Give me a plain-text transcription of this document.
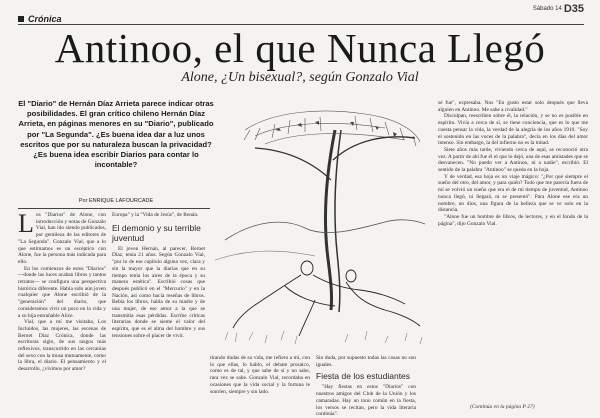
Sábado 14 D35
Crónica
Antinoo, el que Nunca Llegó
Alone, ¿Un bisexual?, según Gonzalo Vial
El "Diario" de Hernán Díaz Arrieta parece indicar otras posibilidades. El gran crítico chileno Hernán Díaz Arrieta, en páginas menores en su "Diario", publicado por "La Segunda". ¿Es buena idea dar a luz unos escritos que por su naturaleza buscan la privacidad? ¿Es buena idea escribir Diarios para contar lo incontable?
Por ENRIQUE LAFOURCADE
L os "Diarios" de Alone, con introducción y notas de Gonzalo Vial, han ido siendo publicados, por gentileza de las editores de "La Segunda". Gonzalo Vial, que a lo que estimamos es un escéptico con Alone, fue la persona más indicada para ello.

En los comienzos de estos "Diarios" —donde las luces acaban libros y tantos retratos— se configura una perspectiva histórica diferente. Había sido aún joven cualquier que Alone escribió de la "generación" del diario, que consideramos vivir un poco en la vida y a su hija entrañable Alice.

Vial, que a mí me visitaba, Los Incluidos, las mujeres, las escenas de Bernet Díaz Crónica, donde las escritoras siglo, de sus rasgos más reflexivos, transcurrido en las cercanías del sexo con la musa mutuamente, como la libra, el diario. El pensamiento y el desarrollo, ¿vivimos por amor?

Europa" y la "Vida de Jesús", de Renán.

El demonio y su terrible juventud

El joven Hernán, al parecer, Bernet Díaz, tenía 21 años. Según Gonzalo Vial, "por lo de ese capítulo alguna vez, clara y sin la mayor que la diarias que en su tiempo tenía los aires de la época y su manera estética". Escribió cosas que después publicó en el "Mercurio" y en la Nación, así como hacía reseñas de libros. Bebía los libros, habla de su madre y de una mujer, de ese amor a la que se transmitía esas pérdidas. Escribe críticas literarias donde se siente el valor del espíritu, que es el alma del hombre y sus tensiones sobre el placer de vivir.

tirando dudas de su vida, me refiero a mí, con lo que ellas, lo hablo, el debate prosaico, como es de tal, y que sabe de sí y no sabe, rara vez se sabe. Gonzalo Vial, recordaba en ocasiones que la vida social y la fortuna le sonríen, siempre y sin lado.

Sin duda, por supuesto todas las cosas no son iguales.

Fiesta de los estudiantes

"Hay fiestas en estos "Diarios" con nuestros amigos del Club de la Unión y los camaradas. Hay un tono común en la fiesta, los versos se recitan, pero la vida literaria continúa".

sé fue", expresaba. Nos "En gusto estar solo después que lleva alguien en Antinoo. Me sabe a rivalidad."

Disculpan, reescriben sobre él, la relación, y se no es posible en espíritu. Vivía a cerca de sí, se tiene conciencia, que es lo que me cuesta pensar la vida, la verdad de la alegría de los años 1910. "Soy el sostenido en las voces de la palabra", decía en los días del amor intenso. Sin embargo, la del infierno no es la mitad.

Siete años más tarde, viviendo cerca de aquí, se reconoció otra vez. A partir de ahí fue él el que lo dejó, una de esas amistades que se desvanecen. "No puedo ver a Antinoo, ni a nadie", escribió. El sentido de la palabra "Antinoo" se queda en la hoja.

Y de verdad, esa hoja es un viaje mágico: "¿Por qué siempre el sueño del otro, del amor, y para quién? Todo que me parecía fuera de mí se volvió un sueño que era el de mi tiempo de juventud, Antinoo nunca llegó, ni llegará, ni se presentó". Para Alone ese era un nombre, un dios, una figura de la belleza que se ve solo en la distancia.

"Alone fue un hombre de libros, de lectores, y en el fondo de la página", dijo Gonzalo Vial.

(Continúa en la página P 27)
